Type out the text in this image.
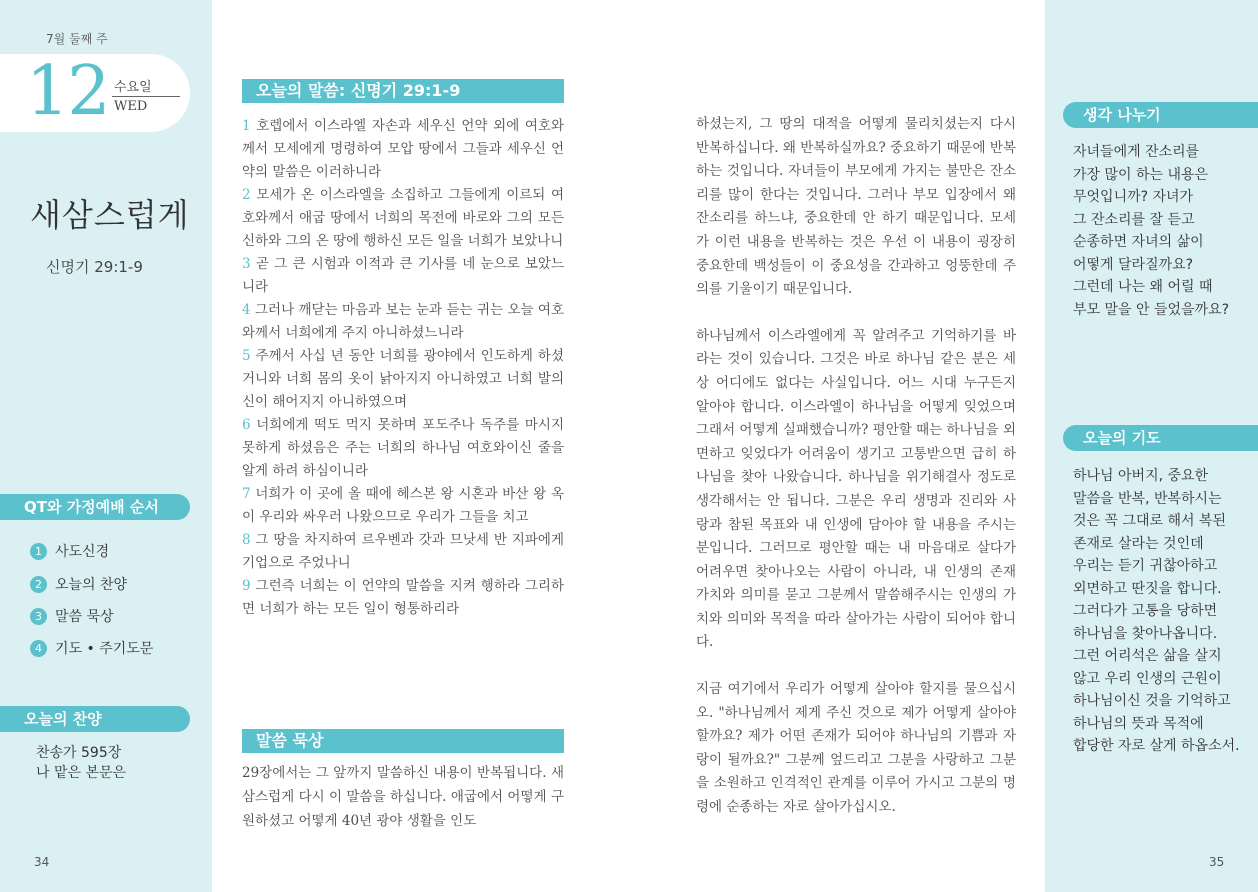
7월 둘째 주
12 수요일
WED
새삼스럽게
신명기 29:1-9
QT와 가정예배 순서
1 사도신경
2 오늘의 찬양
3 말씀 묵상
4 기도 • 주기도문
오늘의 찬양
찬송가 595장
나 맡은 본문은
34
오늘의 말씀: 신명기 29:1-9

1 호렙에서 이스라엘 자손과 세우신 언약 외에 여호와께서 모세에게 명령하여 모압 땅에서 그들과 세우신 언약의 말씀은 이러하니라

2 모세가 온 이스라엘을 소집하고 그들에게 이르되 여호와께서 애굽 땅에서 너희의 목전에 바로와 그의 모든 신하와 그의 온 땅에 행하신 모든 일을 너희가 보았나니

3 곧 그 큰 시험과 이적과 큰 기사를 네 눈으로 보았느니라

4 그러나 깨닫는 마음과 보는 눈과 듣는 귀는 오늘 여호와께서 너희에게 주지 아니하셨느니라

5 주께서 사십 년 동안 너희를 광야에서 인도하게 하셨거니와 너희 몸의 옷이 낡아지지 아니하였고 너희 발의 신이 해어지지 아니하였으며

6 너희에게 떡도 먹지 못하며 포도주나 독주를 마시지 못하게 하셨음은 주는 너희의 하나님 여호와이신 줄을 알게 하려 하심이니라

7 너희가 이 곳에 올 때에 헤스본 왕 시혼과 바산 왕 옥이 우리와 싸우러 나왔으므로 우리가 그들을 치고

8 그 땅을 차지하여 르우벤과 갓과 므낫세 반 지파에게 기업으로 주었나니

9 그런즉 너희는 이 언약의 말씀을 지켜 행하라 그리하면 너희가 하는 모든 일이 형통하리라

말씀 묵상
29장에서는 그 앞까지 말씀하신 내용이 반복됩니다. 새삼스럽게 다시 이 말씀을 하십니다. 애굽에서 어떻게 구원하셨고 어떻게 40년 광야 생활을 인도

하셨는지, 그 땅의 대적을 어떻게 물리치셨는지 다시 반복하십니다. 왜 반복하실까요? 중요하기 때문에 반복하는 것입니다. 자녀들이 부모에게 가지는 불만은 잔소리를 많이 한다는 것입니다. 그러나 부모 입장에서 왜 잔소리를 하느냐, 중요한데 안 하기 때문입니다. 모세가 이런 내용을 반복하는 것은 우선 이 내용이 굉장히 중요한데 백성들이 이 중요성을 간과하고 엉뚱한데 주의를 기울이기 때문입니다.

하나님께서 이스라엘에게 꼭 알려주고 기억하기를 바라는 것이 있습니다. 그것은 바로 하나님 같은 분은 세상 어디에도 없다는 사실입니다. 어느 시대 누구든지 알아야 합니다. 이스라엘이 하나님을 어떻게 잊었으며 그래서 어떻게 실패했습니까? 평안할 때는 하나님을 외면하고 잊었다가 어려움이 생기고 고통받으면 급히 하나님을 찾아 나왔습니다. 하나님을 위기해결사 정도로 생각해서는 안 됩니다. 그분은 우리 생명과 진리와 사랑과 참된 목표와 내 인생에 담아야 할 내용을 주시는 분입니다. 그러므로 평안할 때는 내 마음대로 살다가 어려우면 찾아나오는 사람이 아니라, 내 인생의 존재 가치와 의미를 묻고 그분께서 말씀해주시는 인생의 가치와 의미와 목적을 따라 살아가는 사람이 되어야 합니다.

지금 여기에서 우리가 어떻게 살아야 할지를 물으십시오. "하나님께서 제게 주신 것으로 제가 어떻게 살아야 할까요? 제가 어떤 존재가 되어야 하나님의 기쁨과 자랑이 될까요?" 그분께 엎드리고 그분을 사랑하고 그분을 소원하고 인격적인 관계를 이루어 가시고 그분의 명령에 순종하는 자로 살아가십시오.

생각 나누기
오늘의 기도
35
자녀들에게 잔소리를
가장 많이 하는 내용은
무엇입니까? 자녀가
그 잔소리를 잘 듣고
순종하면 자녀의 삶이
어떻게 달라질까요?
그런데 나는 왜 어릴 때
부모 말을 안 들었을까요?
하나님 아버지, 중요한
말씀을 반복, 반복하시는
것은 꼭 그대로 해서 복된
존재로 살라는 것인데
우리는 듣기 귀찮아하고
외면하고 딴짓을 합니다.
그러다가 고통을 당하면
하나님을 찾아나옵니다.
그런 어리석은 삶을 살지
않고 우리 인생의 근원이
하나님이신 것을 기억하고
하나님의 뜻과 목적에
합당한 자로 살게 하옵소서.
